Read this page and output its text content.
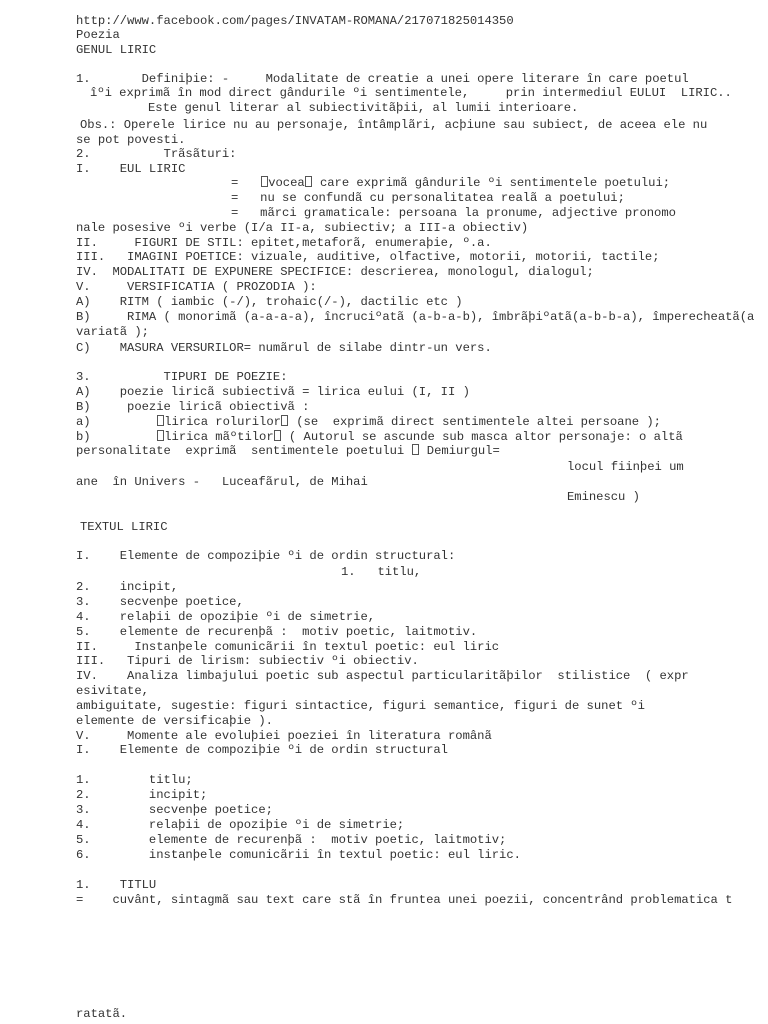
http://www.facebook.com/pages/INVATAM-ROMANA/217071825014350
Poezia
GENUL LIRIC
1.       Definiþie: -     Modalitate de creatie a unei opere literare în care poetul
îºi exprimã în mod direct gândurile ºi sentimentele,     prin intermediul EULUI  LIRIC..
Este genul literar al subiectivitãþii, al lumii interioare.
Obs.: Operele lirice nu au personaje, întâmplãri, acþiune sau subiect, de aceea ele nu
se pot povesti.
2.          Trãsãturi:
I.    EUL LIRIC
=   vocea care exprimã gândurile ºi sentimentele poetului;
=   nu se confundã cu personalitatea realã a poetului;
=   mãrci gramaticale: persoana la pronume, adjective pronomo
nale posesive ºi verbe (I/a II-a, subiectiv; a III-a obiectiv)
II.     FIGURI DE STIL: epitet,metaforã, enumeraþie, º.a.
III.   IMAGINI POETICE: vizuale, auditive, olfactive, motorii, motorii, tactile;
IV.  MODALITATI DE EXPUNERE SPECIFICE: descrierea, monologul, dialogul;
V.     VERSIFICATIA ( PROZODIA ):
A)    RITM ( iambic (-/), trohaic(/-), dactilic etc )
B)     RIMA ( monorimã (a-a-a-a), încruciºatã (a-b-a-b), îmbrãþiºatã(a-b-b-a), împerecheatã(a
variatã );
C)    MASURA VERSURILOR= numãrul de silabe dintr-un vers.
3.          TIPURI DE POEZIE:
A)    poezie liricã subiectivã = lirica eului (I, II )
B)     poezie liricã obiectivã :
a)         lirica rolurilor (se  exprimã direct sentimentele altei persoane );
b)         lirica mãºtilor ( Autorul se ascunde sub masca altor personaje: o altã
personalitate  exprimã  sentimentele poetului  Demiurgul=
locul fiinþei um
ane  în Univers -   Luceafãrul, de Mihai
Eminescu )
TEXTUL LIRIC
I.    Elemente de compoziþie ºi de ordin structural:
1.   titlu,
2.    incipit,
3.    secvenþe poetice,
4.    relaþii de opoziþie ºi de simetrie,
5.    elemente de recurenþã :  motiv poetic, laitmotiv.
II.     Instanþele comunicãrii în textul poetic: eul liric
III.   Tipuri de lirism: subiectiv ºi obiectiv.
IV.    Analiza limbajului poetic sub aspectul particularitãþilor  stilistice  ( expr
esivitate,
ambiguitate, sugestie: figuri sintactice, figuri semantice, figuri de sunet ºi
elemente de versificaþie ).
V.     Momente ale evoluþiei poeziei în literatura românã
I.    Elemente de compoziþie ºi de ordin structural
1.        titlu;
2.        incipit;
3.        secvenþe poetice;
4.        relaþii de opoziþie ºi de simetrie;
5.        elemente de recurenþã :  motiv poetic, laitmotiv;
6.        instanþele comunicãrii în textul poetic: eul liric.
1.    TITLU
=    cuvânt, sintagmã sau text care stã în fruntea unei poezii, concentrând problematica t
ratatã.
